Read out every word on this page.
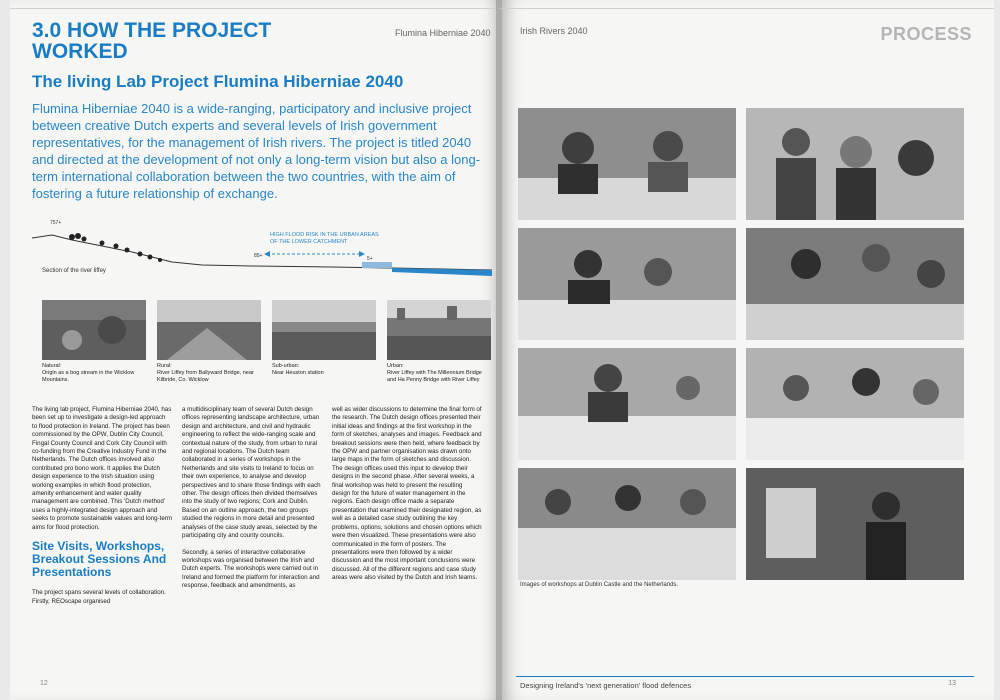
3.0 HOW THE PROJECT WORKED
Flumina Hiberniae 2040
The living Lab Project Flumina Hiberniae 2040
Flumina Hiberniae 2040 is a wide-ranging, participatory and inclusive project between creative Dutch experts and several levels of Irish government representatives, for the management of Irish rivers. The project is titled 2040 and directed at the development of not only a long-term vision but also a long-term international collaboration between the two countries, with the aim of fostering a future relationship of exchange.
757+
85+	5+
HIGH FLOOD RISK IN THE URBAN AREAS OF THE LOWER CATCHMENT
Section of the river liffey
Natural:
Origin as a bog stream in the Wicklow Mountains.
Rural:
River Liffey from Ballyward Bridge, near Kilbride, Co. Wicklow
Sub-urban:
Near Heuston station
Urban:
River Liffey with The Millennium Bridge and Ha Penny Bridge with River Liffey

The living lab project, Flumina Hiberniae 2040, has been set up to investigate a design-led approach to flood protection in Ireland. The project has been commissioned by the OPW, Dublin City Council, Fingal County Council and Cork City Council with co-funding from the Creative Industry Fund in the Netherlands. The Dutch offices involved also contributed pro bono work. It applies the Dutch design experience to the Irish situation using working examples in which flood protection, amenity enhancement and water quality management are combined. This 'Dutch method' uses a highly-integrated design approach and seeks to promote sustainable values and long-term aims for flood protection.

Site Visits, Workshops, Breakout Sessions And Presentations

The project spans several levels of collaboration. Firstly, REOscape organised

a multidisciplinary team of several Dutch design offices representing landscape architecture, urban design and architecture, and civil and hydraulic engineering to reflect the wide-ranging scale and contextual nature of the study, from urban to rural and regional locations. The Dutch team collaborated in a series of workshops in the Netherlands and site visits to Ireland to focus on their own experience, to analyse and develop perspectives and to share those findings with each other. The design offices then divided themselves into the study of two regions; Cork and Dublin. Based on an outline approach, the two groups studied the regions in more detail and presented analyses of the case study areas, selected by the participating city and county councils.

Secondly, a series of interactive collaborative workshops was organised between the Irish and Dutch experts. The workshops were carried out in Ireland and formed the platform for interaction and response, feedback and amendments, as

well as wider discussions to determine the final form of the research. The Dutch design offices presented their initial ideas and findings at the first workshop in the form of sketches, analyses and images. Feedback and breakout sessions were then held, where feedback by the OPW and partner organisation was drawn onto large maps in the form of sketches and discussion. The design offices used this input to develop their designs in the second phase. After several weeks, a final workshop was held to present the resulting design for the future of water management in the regions. Each design office made a separate presentation that examined their designated region, as well as a detailed case study outlining the key problems, options, solutions and chosen options which were then visualized. These presentations were also communicated in the form of posters. The presentations were then followed by a wider discussion and the most important conclusions were discussed. All of the different regions and case study areas were also visited by the Dutch and Irish teams.

12
Irish Rivers 2040	PROCESS
Images of workshops at Dublin Castle and the Netherlands.
Designing Ireland's 'next generation' flood defences	13
